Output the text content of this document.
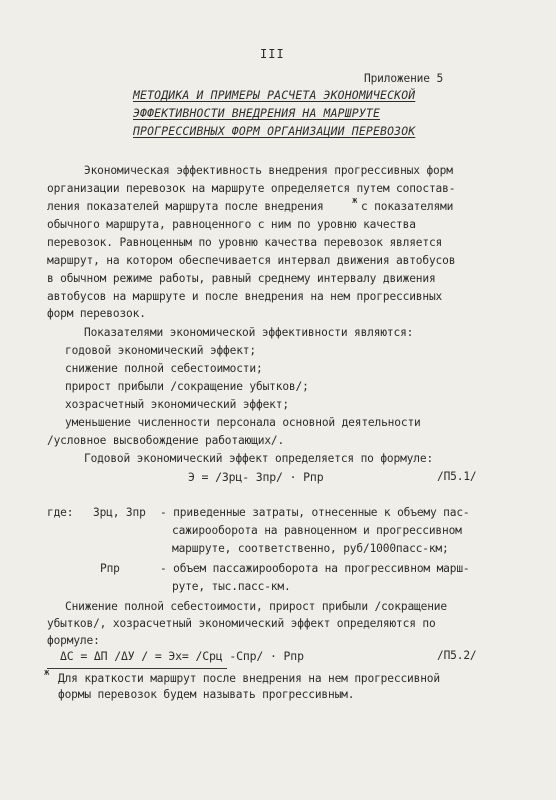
III
Приложение 5
МЕТОДИКА И ПРИМЕРЫ РАСЧЕТА ЭКОНОМИЧЕСКОЙ
ЭФФЕКТИВНОСТИ ВНЕДРЕНИЯ НА МАРШРУТЕ
ПРОГРЕССИВНЫХ ФОРМ ОРГАНИЗАЦИИ ПЕРЕВОЗОК
Экономическая эффективность внедрения прогрессивных форм
организации перевозок на маршруте определяется путем сопостав-
ления показателей маршрута после внедрения	ж с показателями
обычного маршрута, равноценного с ним по уровню качества
перевозок. Равноценным по уровню качества перевозок является
маршрут, на котором обеспечивается интервал движения автобусов
в обычном режиме работы, равный среднему интервалу движения
автобусов на маршруте и после внедрения на нем прогрессивных
форм перевозок.
Показателями экономической эффективности являются:
годовой экономический эффект;
снижение полной себестоимости;
прирост прибыли /сокращение убытков/;
хозрасчетный экономический эффект;
уменьшение численности персонала основной деятельности
/условное высвобождение работающих/.
Годовой экономический эффект определяется по формуле:
Э = /Зрц- Зпр/ · Pпр	/П5.1/
где: Зрц, Зпр - приведенные затраты, отнесенные к объему пас-
сажирооборота на равноценном и прогрессивном
маршруте, соответственно, руб/1000пасс-км;
Pпр	- объем пассажирооборота на прогрессивном марш-
руте, тыс.пасс-км.
Снижение полной себестоимости, прирост прибыли /сокращение
убытков/, хозрасчетный экономический эффект определяются по
формуле:
ΔС = ΔП /ΔУ / = Эх= /Срц -Спр/ · Pпр	/П5.2/
ж Для краткости маршрут после внедрения на нем прогрессивной
формы перевозок будем называть прогрессивным.
